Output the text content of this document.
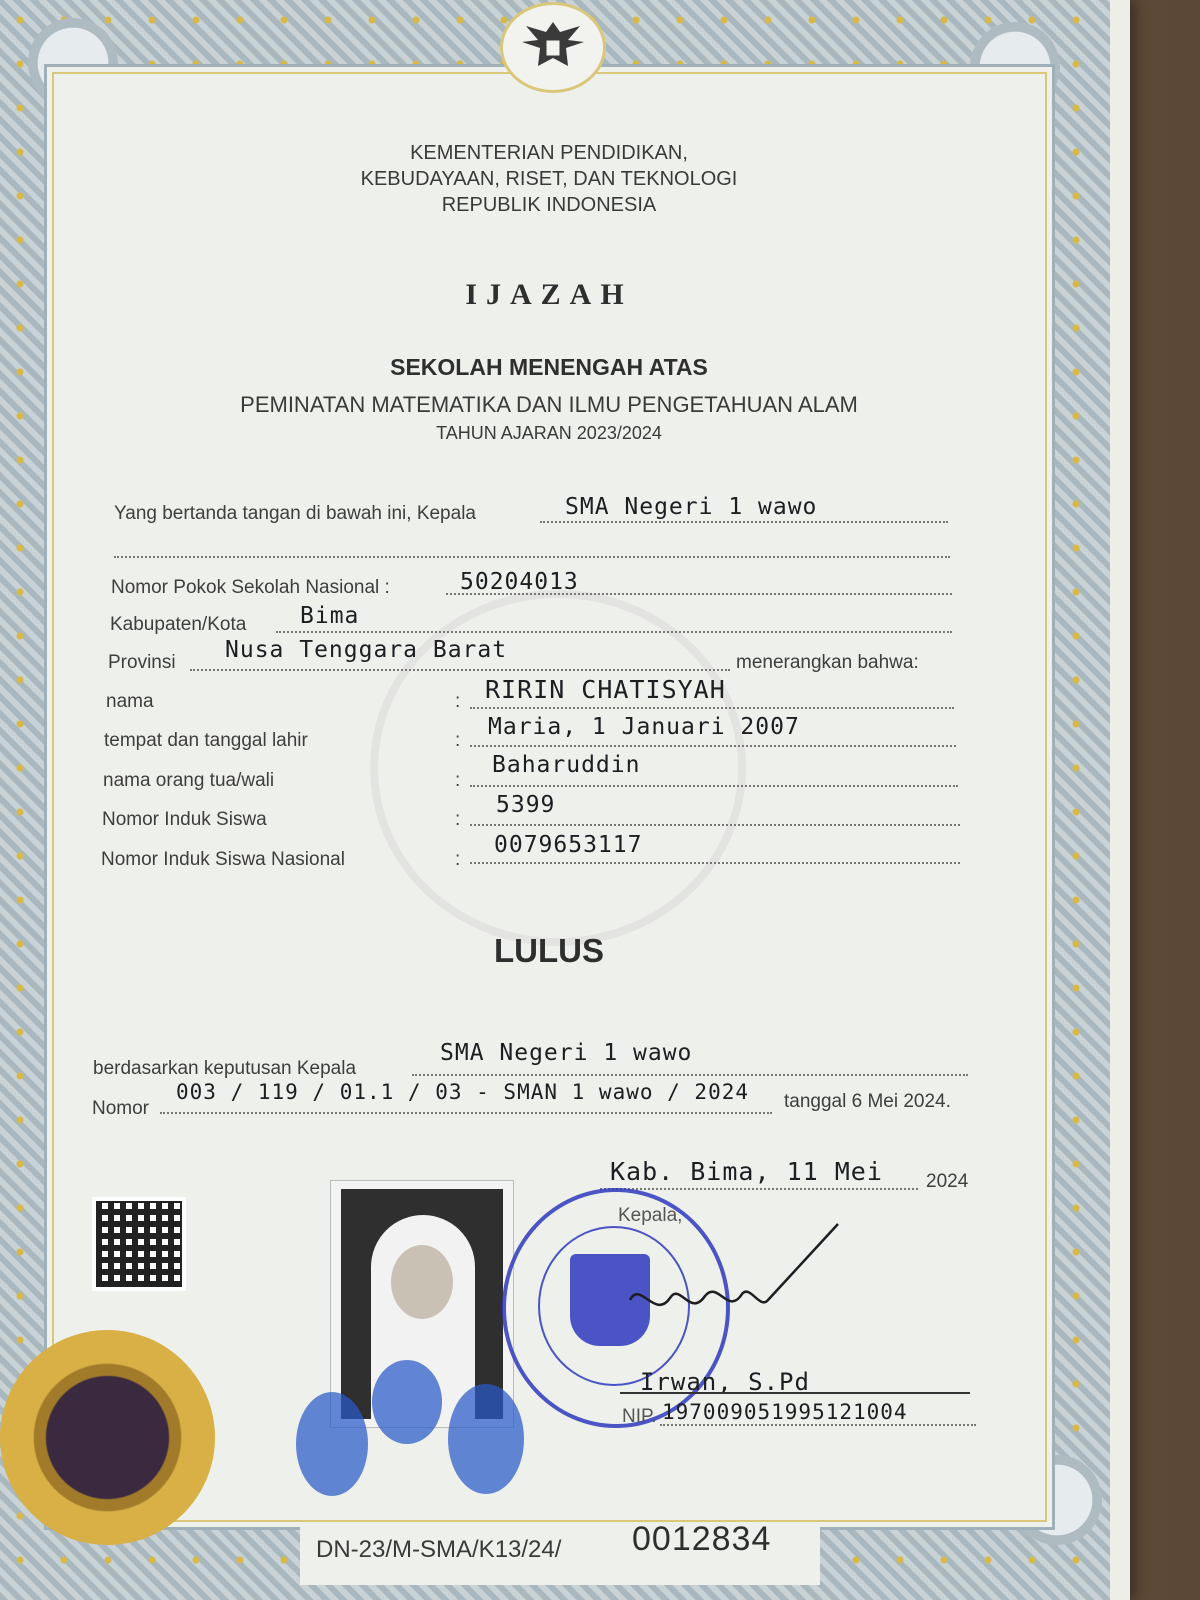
KEMENTERIAN PENDIDIKAN,
KEBUDAYAAN, RISET, DAN TEKNOLOGI
REPUBLIK INDONESIA
IJAZAH
SEKOLAH MENENGAH ATAS
PEMINATAN MATEMATIKA DAN ILMU PENGETAHUAN ALAM
TAHUN AJARAN 2023/2024
Yang bertanda tangan di bawah ini, Kepala	SMA Negeri 1 wawo
Nomor Pokok Sekolah Nasional :	50204013
Kabupaten/Kota Bima
Provinsi Nusa Tenggara Barat	menerangkan bahwa:
nama	: RIRIN CHATISYAH
tempat dan tanggal lahir	:
Maria, 1 Januari 2007
nama orang tua/wali	:
Baharuddin
Nomor Induk Siswa	:
5399
Nomor Induk Siswa Nasional	:
0079653117
LULUS
berdasarkan keputusan Kepala
SMA Negeri 1 wawo
Nomor
003 / 119 / 01.1 / 03 - SMAN 1 wawo / 2024 tanggal 6 Mei 2024.
Kab. Bima, 11 Mei 2024
Kepala,
Irwan, S.Pd
NIP. 197009051995121004
DN-23/M-SMA/K13/24/ 0012834
